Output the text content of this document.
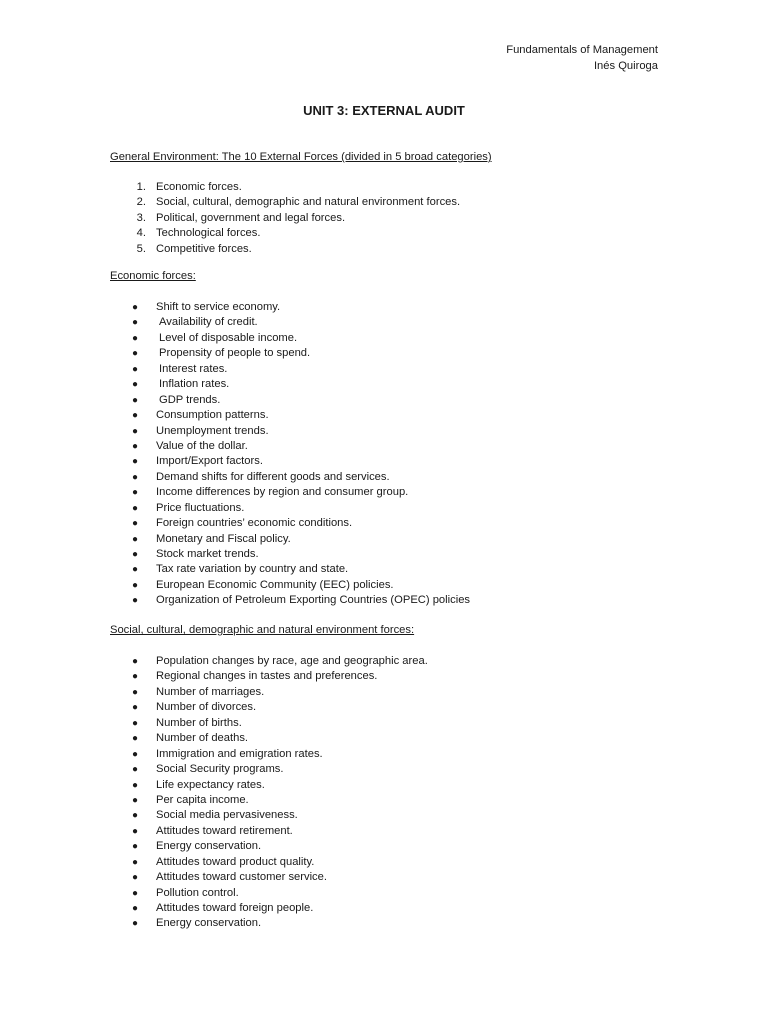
Fundamentals of Management
Inés Quiroga
UNIT 3: EXTERNAL AUDIT
General Environment: The 10 External Forces (divided in 5 broad categories)
1. Economic forces.
2. Social, cultural, demographic and natural environment forces.
3. Political, government and legal forces.
4. Technological forces.
5. Competitive forces.
Economic forces:
●	Shift to service economy.
●	Availability of credit.
●	Level of disposable income.
●	Propensity of people to spend.
●	Interest rates.
●	Inflation rates.
●	GDP trends.
●	Consumption patterns.
●	Unemployment trends.
●	Value of the dollar.
●	Import/Export factors.
●	Demand shifts for different goods and services.
●	Income differences by region and consumer group.
●	Price fluctuations.
●	Foreign countries’ economic conditions.
●	Monetary and Fiscal policy.
●	Stock market trends.
●	Tax rate variation by country and state.
●	European Economic Community (EEC) policies.
●	Organization of Petroleum Exporting Countries (OPEC) policies
Social, cultural, demographic and natural environment forces:
●	Population changes by race, age and geographic area.
●	Regional changes in tastes and preferences.
●	Number of marriages.
●	Number of divorces.
●	Number of births.
●	Number of deaths.
●	Immigration and emigration rates.
●	Social Security programs.
●	Life expectancy rates.
●	Per capita income.
●	Social media pervasiveness.
●	Attitudes toward retirement.
●	Energy conservation.
●	Attitudes toward product quality.
●	Attitudes toward customer service.
●	Pollution control.
●	Attitudes toward foreign people.
●	Energy conservation.
